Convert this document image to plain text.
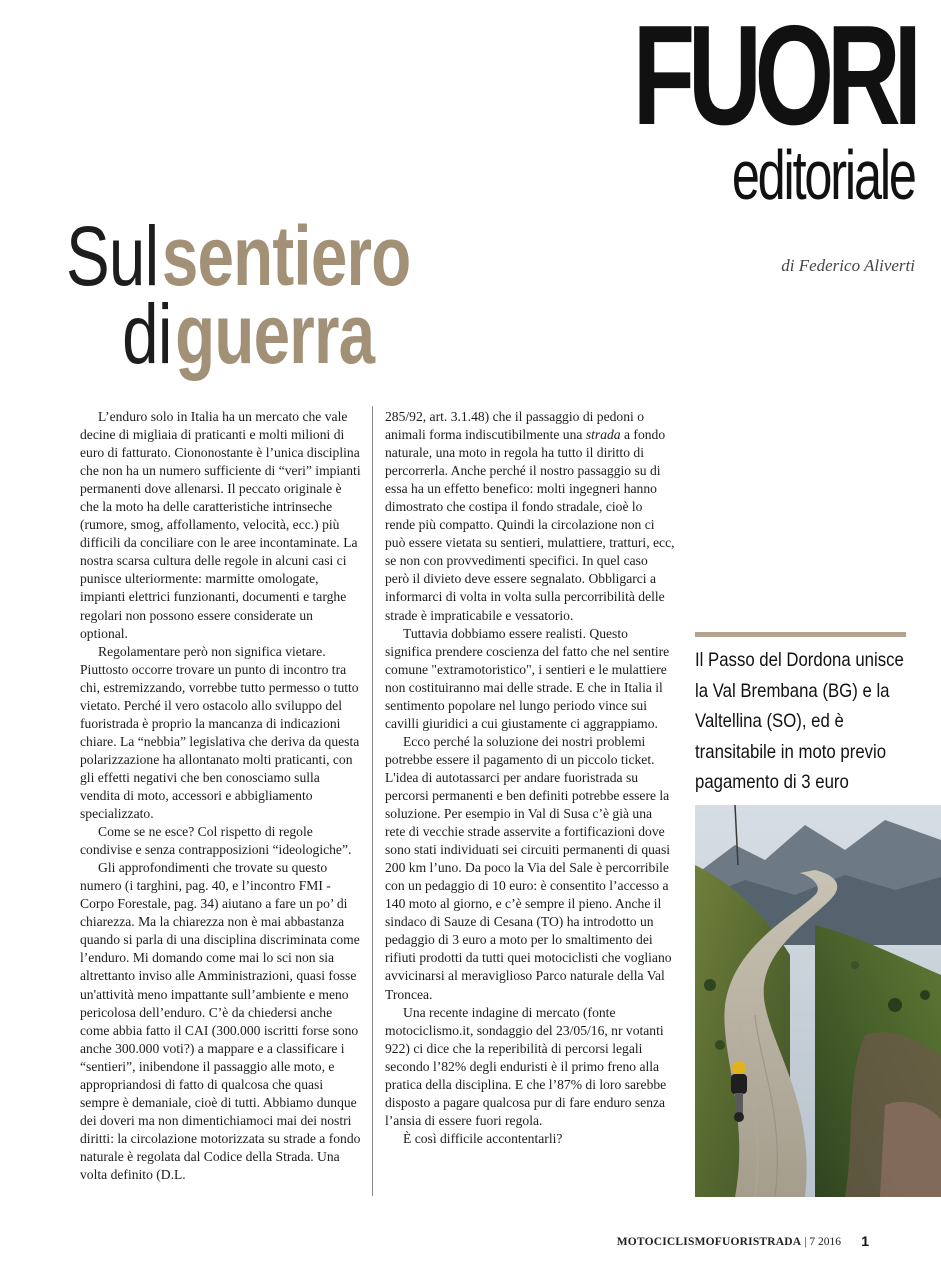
FUORI
editoriale
di Federico Aliverti
Sul sentiero
di guerra

L’enduro solo in Italia ha un mercato che vale decine di migliaia di praticanti e molti milioni di euro di fatturato. Ciononostante è l’unica disciplina che non ha un numero sufficiente di “veri” impianti permanenti dove allenarsi. Il peccato originale è che la moto ha delle caratteristiche intrinseche (rumore, smog, affollamento, velocità, ecc.) più difficili da conciliare con le aree incontaminate. La nostra scarsa cultura delle regole in alcuni casi ci punisce ulteriormente: marmitte omologate, impianti elettrici funzionanti, documenti e targhe regolari non possono essere considerate un optional.

Regolamentare però non significa vietare. Piuttosto occorre trovare un punto di incontro tra chi, estremizzando, vorrebbe tutto permesso o tutto vietato. Perché il vero ostacolo allo sviluppo del fuoristrada è proprio la mancanza di indicazioni chiare. La “nebbia” legislativa che deriva da questa polarizzazione ha allontanato molti praticanti, con gli effetti negativi che ben conosciamo sulla vendita di moto, accessori e abbigliamento specializzato.

Come se ne esce? Col rispetto di regole condivise e senza contrapposizioni “ideologiche”.

Gli approfondimenti che trovate su questo numero (i targhini, pag. 40, e l’incontro FMI - Corpo Forestale, pag. 34) aiutano a fare un po’ di chiarezza. Ma la chiarezza non è mai abbastanza quando si parla di una disciplina discriminata come l’enduro. Mi domando come mai lo sci non sia altrettanto inviso alle Amministrazioni, quasi fosse un'attività meno impattante sull’ambiente e meno pericolosa dell’enduro. C’è da chiedersi anche come abbia fatto il CAI (300.000 iscritti forse sono anche 300.000 voti?) a mappare e a classificare i “sentieri”, inibendone il passaggio alle moto, e appropriandosi di fatto di qualcosa che quasi sempre è demaniale, cioè di tutti. Abbiamo dunque dei doveri ma non dimentichiamoci mai dei nostri diritti: la circolazione motorizzata su strade a fondo naturale è regolata dal Codice della Strada. Una volta definito (D.L.

285/92, art. 3.1.48) che il passaggio di pedoni o animali forma indiscutibilmente una strada a fondo naturale, una moto in regola ha tutto il diritto di percorrerla. Anche perché il nostro passaggio su di essa ha un effetto benefico: molti ingegneri hanno dimostrato che costipa il fondo stradale, cioè lo rende più compatto. Quindi la circolazione non ci può essere vietata su sentieri, mulattiere, tratturi, ecc, se non con provvedimenti specifici. In quel caso però il divieto deve essere segnalato. Obbligarci a informarci di volta in volta sulla percorribilità delle strade è impraticabile e vessatorio.

Tuttavia dobbiamo essere realisti. Questo significa prendere coscienza del fatto che nel sentire comune "extramotoristico", i sentieri e le mulattiere non costituiranno mai delle strade. E che in Italia il sentimento popolare nel lungo periodo vince sui cavilli giuridici a cui giustamente ci aggrappiamo.

Ecco perché la soluzione dei nostri problemi potrebbe essere il pagamento di un piccolo ticket. L'idea di autotassarci per andare fuoristrada su percorsi permanenti e ben definiti potrebbe essere la soluzione. Per esempio in Val di Susa c’è già una rete di vecchie strade asservite a fortificazioni dove sono stati individuati sei circuiti permanenti di quasi 200 km l’uno. Da poco la Via del Sale è percorribile con un pedaggio di 10 euro: è consentito l’accesso a 140 moto al giorno, e c’è sempre il pieno. Anche il sindaco di Sauze di Cesana (TO) ha introdotto un pedaggio di 3 euro a moto per lo smaltimento dei rifiuti prodotti da tutti quei motociclisti che vogliano avvicinarsi al meraviglioso Parco naturale della Val Troncea.

Una recente indagine di mercato (fonte motociclismo.it, sondaggio del 23/05/16, nr votanti 922) ci dice che la reperibilità di percorsi legali secondo l’82% degli enduristi è il primo freno alla pratica della disciplina. E che l’87% di loro sarebbe disposto a pagare qualcosa pur di fare enduro senza l’ansia di essere fuori regola.

È così difficile accontentarli?

Il Passo del Dordona unisce la Val Brembana (BG) e la Valtellina (SO), ed è transitabile in moto previo pagamento di 3 euro
MOTOCICLISMOFUORISTRADA | 7 2016 1
